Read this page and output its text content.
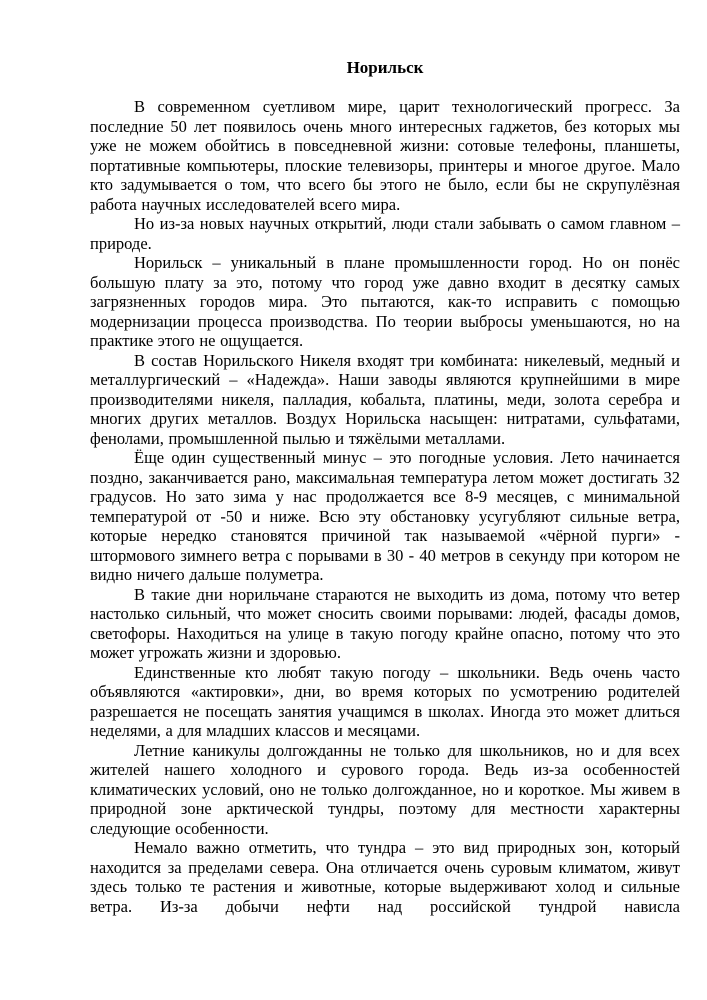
Норильск

В современном суетливом мире, царит технологический прогресс. За последние 50 лет появилось очень много интересных гаджетов, без которых мы уже не можем обойтись в повседневной жизни: сотовые телефоны, планшеты, портативные компьютеры, плоские телевизоры, принтеры и многое другое. Мало кто задумывается о том, что всего бы этого не было, если бы не скрупулёзная работа научных исследователей всего мира.

Но из-за новых научных открытий, люди стали забывать о самом главном – природе.

Норильск – уникальный в плане промышленности город. Но он понёс большую плату за это, потому что город уже давно входит в десятку самых загрязненных городов мира. Это пытаются, как-то исправить с помощью модернизации процесса производства. По теории выбросы уменьшаются, но на практике этого не ощущается.

В состав Норильского Никеля входят три комбината: никелевый, медный и металлургический – «Надежда». Наши заводы являются крупнейшими в мире производителями никеля, палладия, кобальта, платины, меди, золота серебра и многих других металлов. Воздух Норильска насыщен: нитратами, сульфатами, фенолами, промышленной пылью и тяжёлыми металлами.

Ёще один существенный минус – это погодные условия. Лето начинается поздно, заканчивается рано, максимальная температура летом может достигать 32 градусов. Но зато зима у нас продолжается все 8-9 месяцев, с минимальной температурой от -50 и ниже. Всю эту обстановку усугубляют сильные ветра, которые нередко становятся причиной так называемой «чёрной пурги» - штормового зимнего ветра с порывами в 30 - 40 метров в секунду при котором не видно ничего дальше полуметра.

В такие дни норильчане стараются не выходить из дома, потому что ветер настолько сильный, что может сносить своими порывами: людей, фасады домов, светофоры. Находиться на улице в такую погоду крайне опасно, потому что это может угрожать жизни и здоровью.

Единственные кто любят такую погоду – школьники. Ведь очень часто объявляются «актировки», дни, во время которых по усмотрению родителей разрешается не посещать занятия учащимся в школах. Иногда это может длиться неделями, а для младших классов и месяцами.

Летние каникулы долгожданны не только для школьников, но и для всех жителей нашего холодного и сурового города. Ведь из-за особенностей климатических условий, оно не только долгожданное, но и короткое. Мы живем в природной зоне арктической тундры, поэтому для местности характерны следующие особенности.

Немало важно отметить, что тундра – это вид природных зон, который находится за пределами севера. Она отличается очень суровым климатом, живут здесь только те растения и животные, которые выдерживают холод и сильные ветра. Из-за добычи нефти над российской тундрой нависла
